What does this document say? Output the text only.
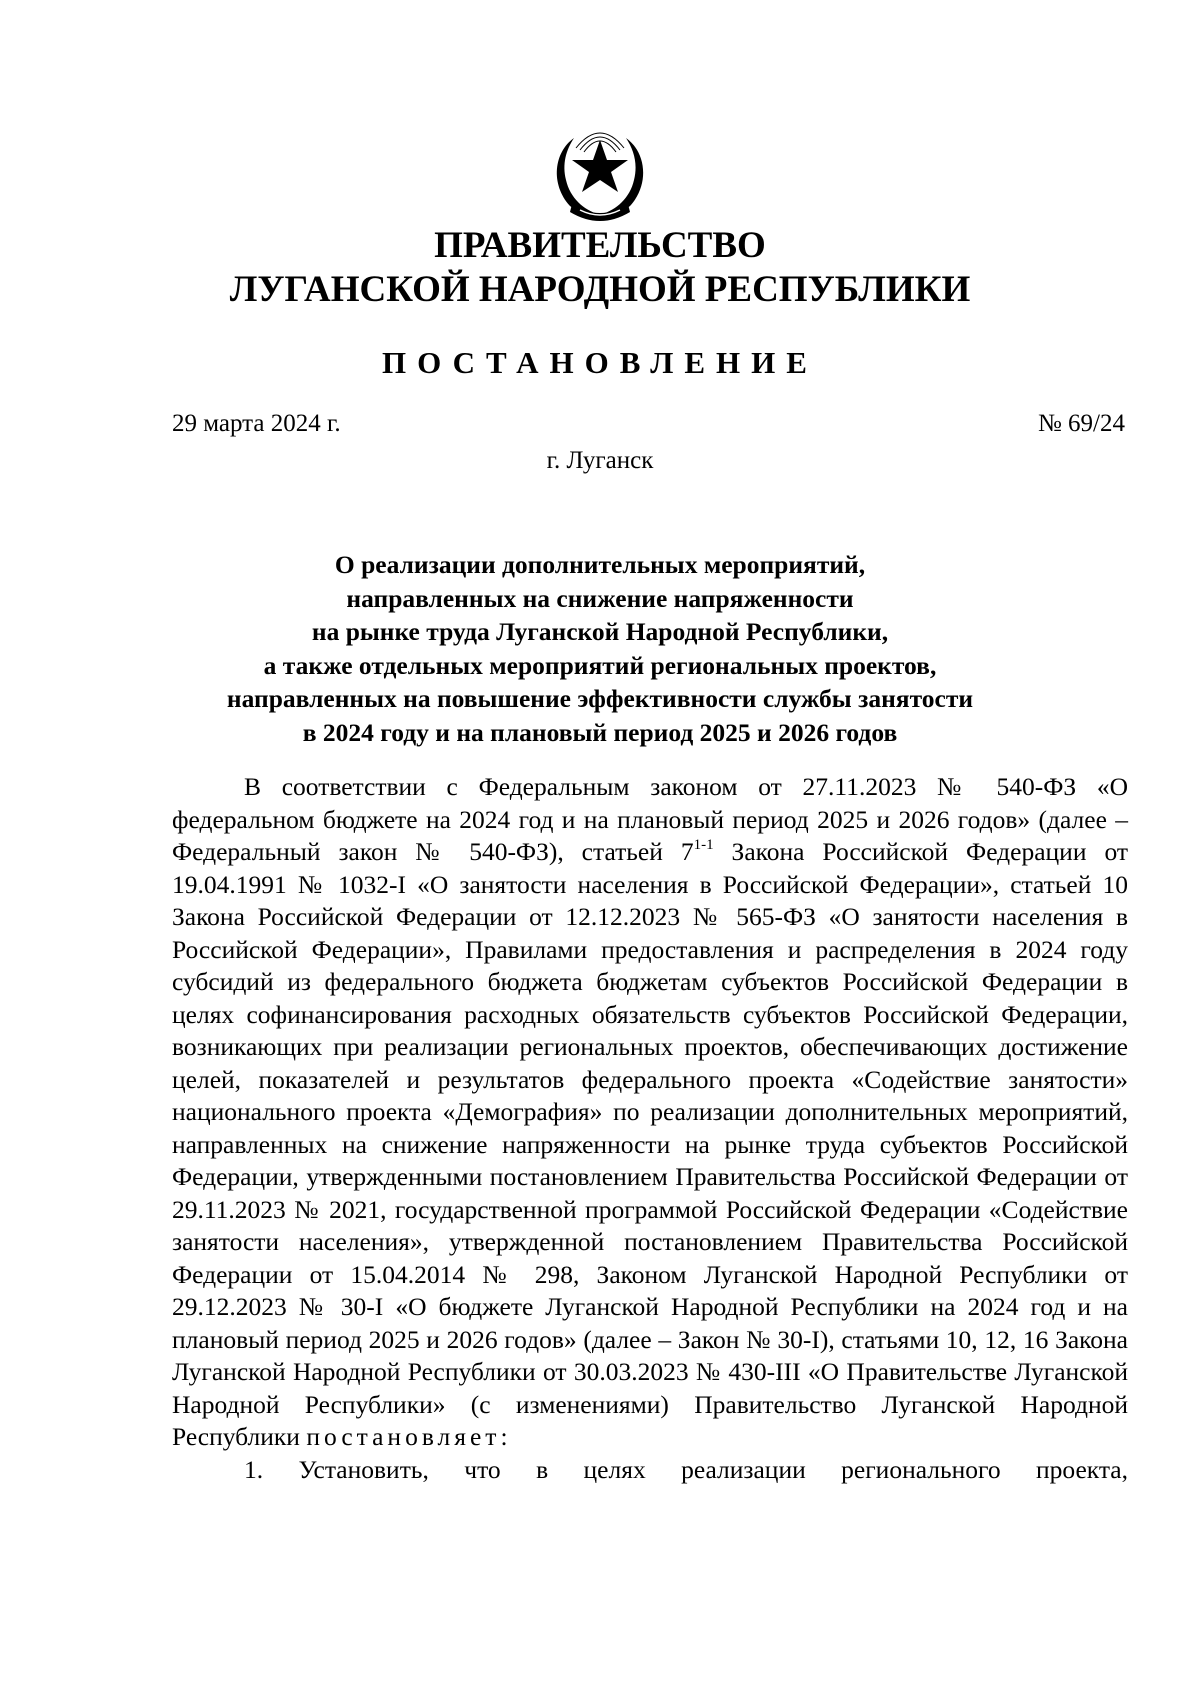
ПРАВИТЕЛЬСТВО
ЛУГАНСКОЙ НАРОДНОЙ РЕСПУБЛИКИ
ПОСТАНОВЛЕНИЕ
29 марта 2024 г.	№ 69/24
г. Луганск
О реализации дополнительных мероприятий,
направленных на снижение напряженности
на рынке труда Луганской Народной Республики,
а также отдельных мероприятий региональных проектов,
направленных на повышение эффективности службы занятости
в 2024 году и на плановый период 2025 и 2026 годов

В соответствии с Федеральным законом от 27.11.2023 № 540-ФЗ «О федеральном бюджете на 2024 год и на плановый период 2025 и 2026 годов» (далее – Федеральный закон № 540-ФЗ), статьей 7$^{1-1}$ Закона Российской Федерации от 19.04.1991 № 1032-I «О занятости населения в Российской Федерации», статьей 10 Закона Российской Федерации от 12.12.2023 № 565-ФЗ «О занятости населения в Российской Федерации», Правилами предоставления и распределения в 2024 году субсидий из федерального бюджета бюджетам субъектов Российской Федерации в целях софинансирования расходных обязательств субъектов Российской Федерации, возникающих при реализации региональных проектов, обеспечивающих достижение целей, показателей и результатов федерального проекта «Содействие занятости» национального проекта «Демография» по реализации дополнительных мероприятий, направленных на снижение напряженности на рынке труда субъектов Российской Федерации, утвержденными постановлением Правительства Российской Федерации от 29.11.2023 № 2021, государственной программой Российской Федерации «Содействие занятости населения», утвержденной постановлением Правительства Российской Федерации от 15.04.2014 № 298, Законом Луганской Народной Республики от 29.12.2023 № 30-I «О бюджете Луганской Народной Республики на 2024 год и на плановый период 2025 и 2026 годов» (далее – Закон № 30-I), статьями 10, 12, 16 Закона Луганской Народной Республики от 30.03.2023 № 430-III «О Правительстве Луганской Народной Республики» (с изменениями) Правительство Луганской Народной Республики постановляет:

1. Установить, что в целях реализации регионального проекта,
